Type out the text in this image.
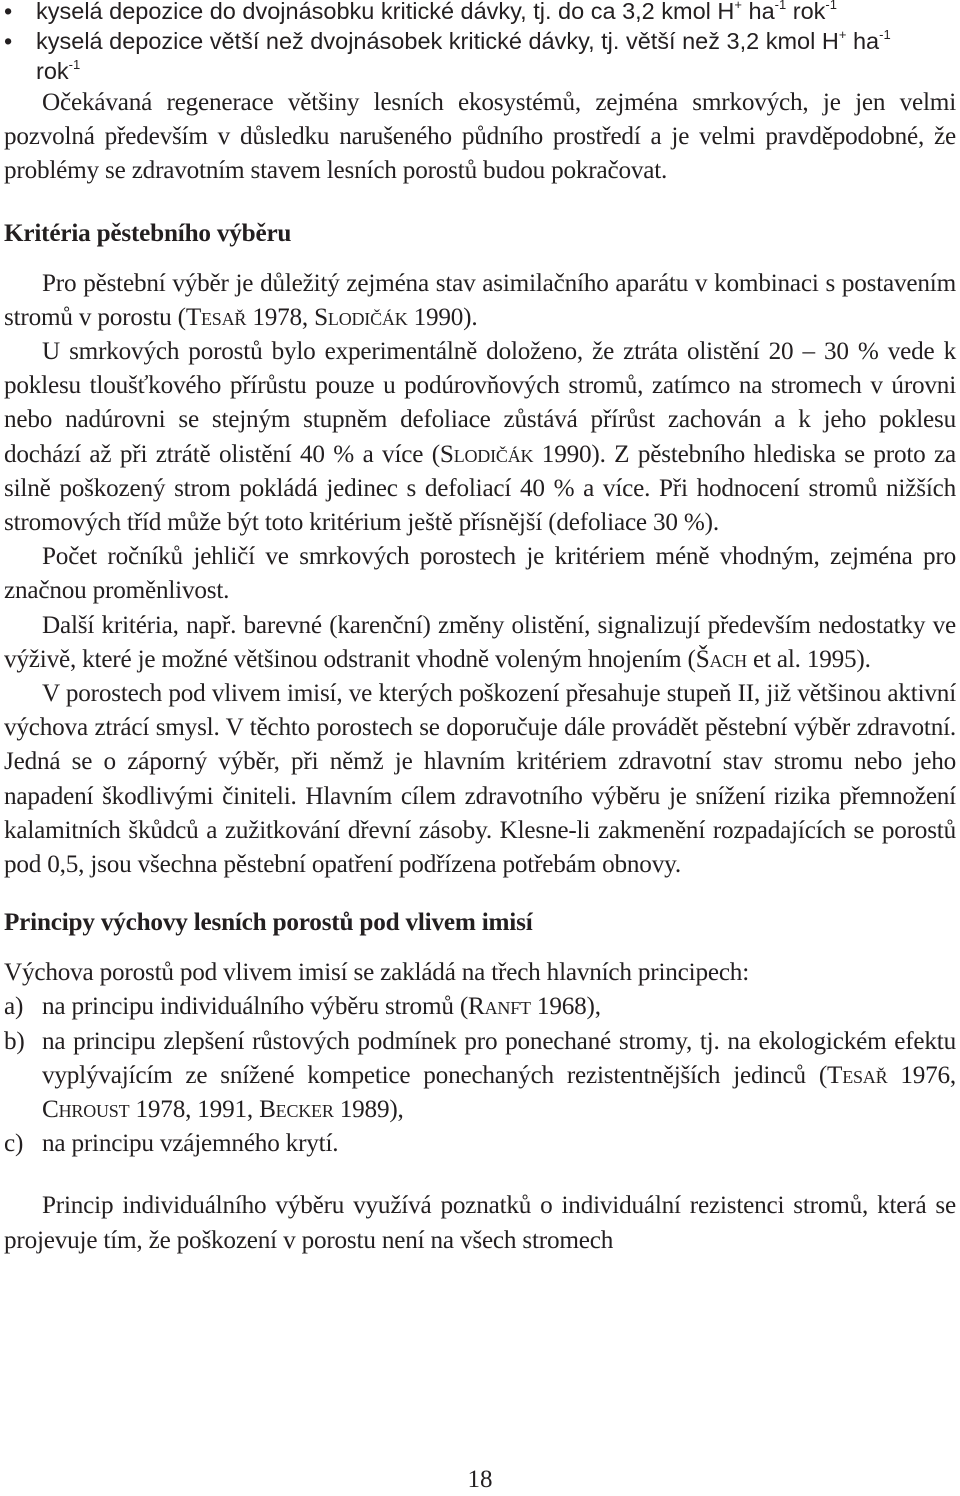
• kyselá depozice do dvojnásobku kritické dávky, tj. do ca 3,2 kmol H+ $ha^{-1}$ rok$^{-1}$
• kyselá depozice větší než dvojnásobek kritické dávky, tj. větší než 3,2 kmol H+ $ha^{-1}$
rok$^{-1}$

Očekávaná regenerace většiny lesních ekosystémů, zejména smrkových, je jen velmi pozvolná především v důsledku narušeného půdního prostředí a je velmi pravděpodobné, že problémy se zdravotním stavem lesních porostů budou pokračovat.

Kritéria pěstebního výběru

Pro pěstební výběr je důležitý zejména stav asimilačního aparátu v kombinaci s postavením stromů v porostu (Tesař 1978, Slodičák 1990).

U smrkových porostů bylo experimentálně doloženo, že ztráta olistění 20 – 30 % vede k poklesu tloušťkového přírůstu pouze u podúrovňových stromů, zatímco na stromech v úrovni nebo nadúrovni se stejným stupněm defoliace zůstává přírůst zachován a k jeho poklesu dochází až při ztrátě olistění 40 % a více (Slodičák 1990). Z pěstebního hlediska se proto za silně poškozený strom pokládá jedinec s defoliací 40 % a více. Při hodnocení stromů nižších stromových tříd může být toto kritérium ještě přísnější (defoliace 30 %).

Počet ročníků jehličí ve smrkových porostech je kritériem méně vhodným, zejména pro značnou proměnlivost.

Další kritéria, např. barevné (karenční) změny olistění, signalizují především nedostatky ve výživě, které je možné většinou odstranit vhodně voleným hnojením (Šach et al. 1995).

V porostech pod vlivem imisí, ve kterých poškození přesahuje stupeň II, již většinou aktivní výchova ztrácí smysl. V těchto porostech se doporučuje dále provádět pěstební výběr zdravotní. Jedná se o záporný výběr, při němž je hlavním kritériem zdravotní stav stromu nebo jeho napadení škodlivými činiteli. Hlavním cílem zdravotního výběru je snížení rizika přemnožení kalamitních škůdců a zužitkování dřevní zásoby. Klesne-li zakmenění rozpadajících se porostů pod 0,5, jsou všechna pěstební opatření podřízena potřebám obnovy.

Principy výchovy lesních porostů pod vlivem imisí

Výchova porostů pod vlivem imisí se zakládá na třech hlavních principech:

a) na principu individuálního výběru stromů (Ranft 1968),
b) na principu zlepšení růstových podmínek pro ponechané stromy, tj. na ekologickém efektu vyplývajícím ze snížené kompetice ponechaných rezistentnějších jedinců (Tesař 1976, Chroust 1978, 1991, Becker 1989),
c) na principu vzájemného krytí.

Princip individuálního výběru využívá poznatků o individuální rezistenci stromů, která se projevuje tím, že poškození v porostu není na všech stromech

18
